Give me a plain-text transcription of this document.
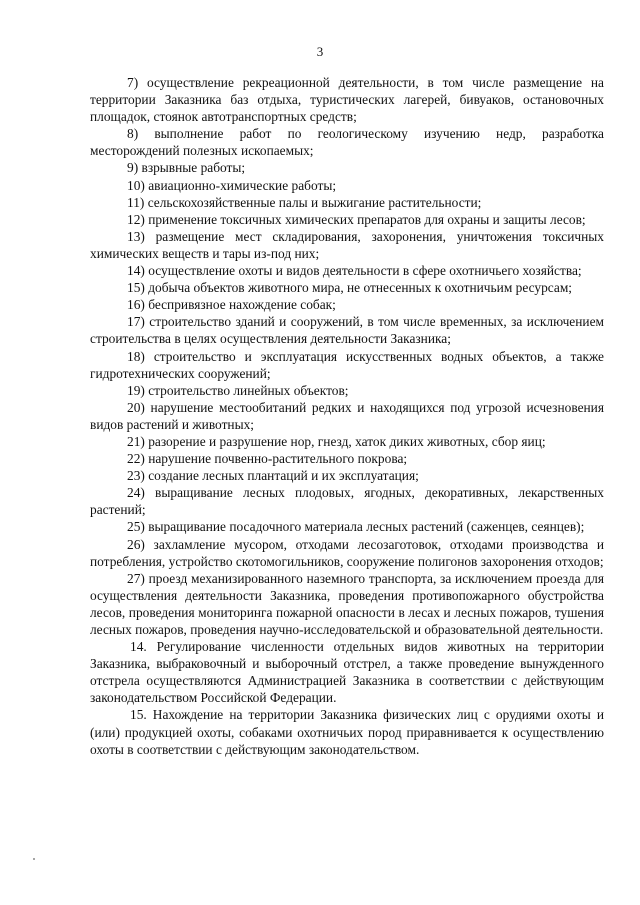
3

7) осуществление рекреационной деятельности, в том числе размещение на территории Заказника баз отдыха, туристических лагерей, бивуаков, остановочных площадок, стоянок автотранспортных средств;

8) выполнение работ по геологическому изучению недр, разработка месторождений полезных ископаемых;

9) взрывные работы;

10) авиационно-химические работы;

11) сельскохозяйственные палы и выжигание растительности;

12) применение токсичных химических препаратов для охраны и защиты лесов;

13) размещение мест складирования, захоронения, уничтожения токсичных химических веществ и тары из-под них;

14) осуществление охоты и видов деятельности в сфере охотничьего хозяйства;

15) добыча объектов животного мира, не отнесенных к охотничьим ресурсам;

16) беспривязное нахождение собак;

17) строительство зданий и сооружений, в том числе временных, за исключением строительства в целях осуществления деятельности Заказника;

18) строительство и эксплуатация искусственных водных объектов, а также гидротехнических сооружений;

19) строительство линейных объектов;

20) нарушение местообитаний редких и находящихся под угрозой исчезновения видов растений и животных;

21) разорение и разрушение нор, гнезд, хаток диких животных, сбор яиц;

22) нарушение почвенно-растительного покрова;

23) создание лесных плантаций и их эксплуатация;

24) выращивание лесных плодовых, ягодных, декоративных, лекарственных растений;

25) выращивание посадочного материала лесных растений (саженцев, сеянцев);

26) захламление мусором, отходами лесозаготовок, отходами производства и потребления, устройство скотомогильников, сооружение полигонов захоронения отходов;

27) проезд механизированного наземного транспорта, за исключением проезда для осуществления деятельности Заказника, проведения противопожарного обустройства лесов, проведения мониторинга пожарной опасности в лесах и лесных пожаров, тушения лесных пожаров, проведения научно-исследовательской и образовательной деятельности.

14. Регулирование численности отдельных видов животных на территории Заказника, выбраковочный и выборочный отстрел, а также проведение вынужденного отстрела осуществляются Администрацией Заказника в соответствии с действующим законодательством Российской Федерации.

15. Нахождение на территории Заказника физических лиц с орудиями охоты и (или) продукцией охоты, собаками охотничьих пород приравнивается к осуществлению охоты в соответствии с действующим законодательством.
